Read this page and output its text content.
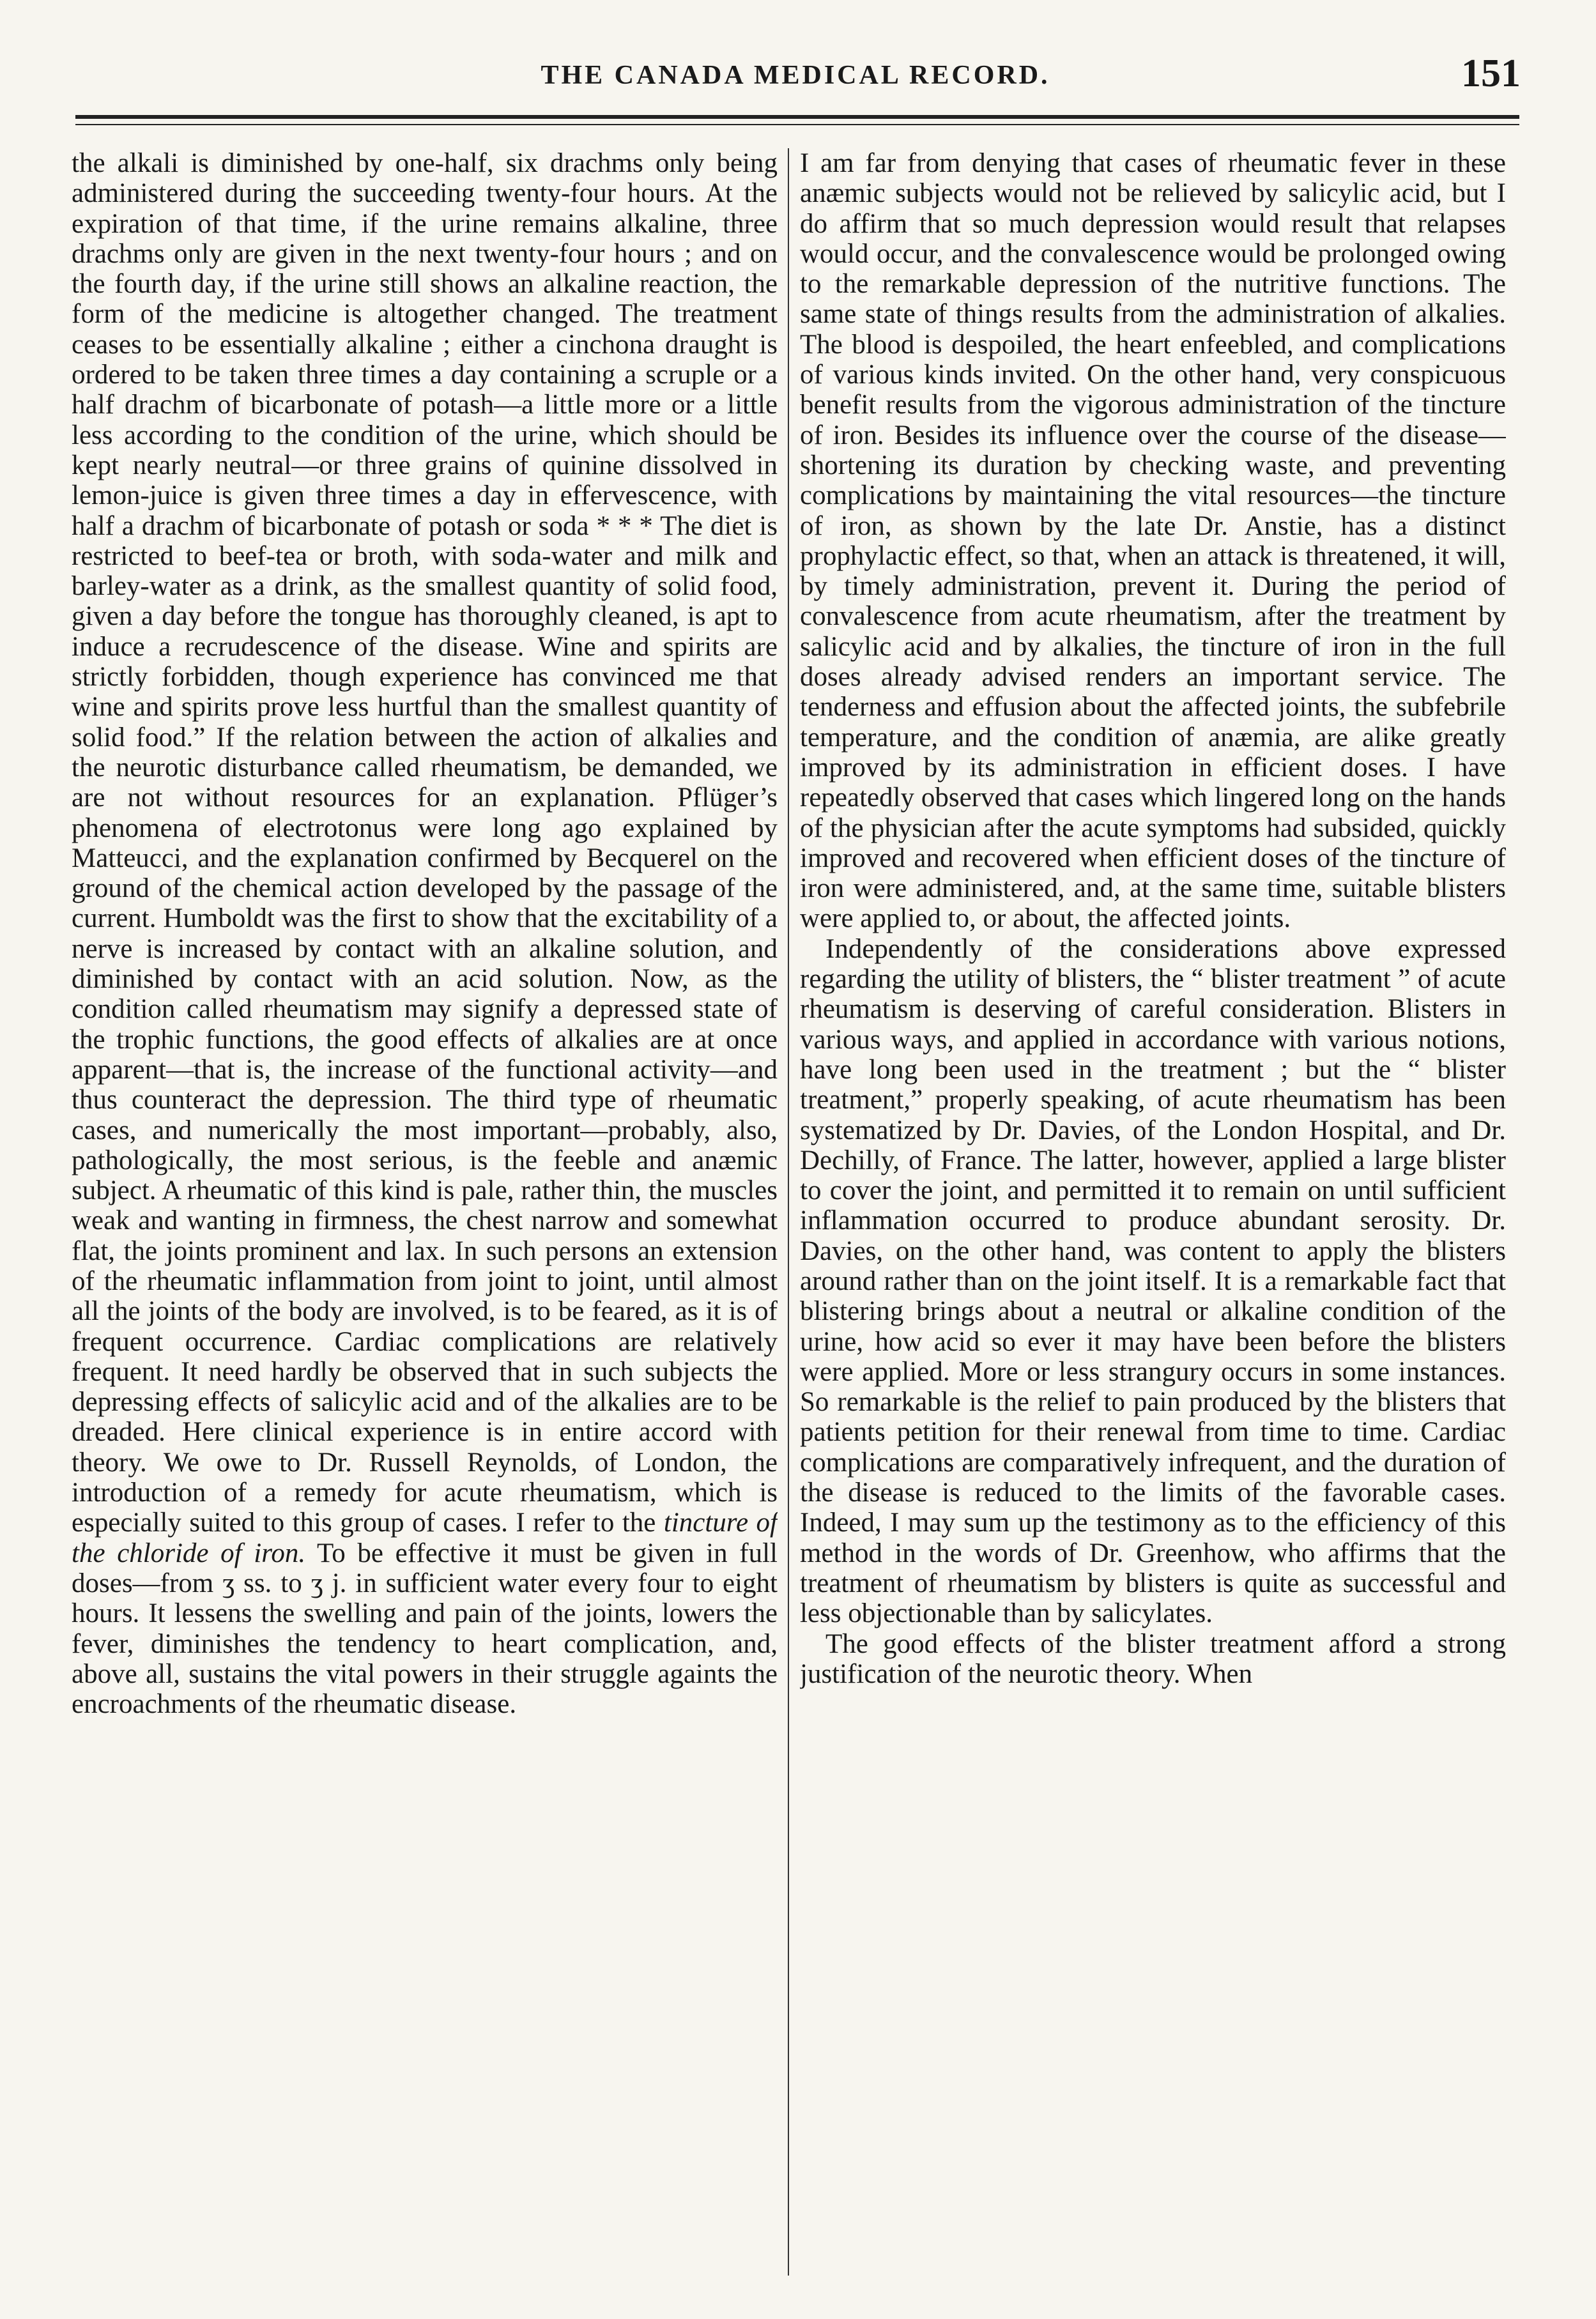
THE CANADA MEDICAL RECORD.	151

the alkali is diminished by one-half, six drachms only being administered during the succeeding twenty-four hours. At the expiration of that time, if the urine remains alkaline, three drachms only are given in the next twenty-four hours ; and on the fourth day, if the urine still shows an alkaline reaction, the form of the medicine is altogether changed. The treatment ceases to be essentially alkaline ; either a cinchona draught is ordered to be taken three times a day containing a scruple or a half drachm of bicarbonate of potash—a little more or a little less according to the condition of the urine, which should be kept nearly neutral—or three grains of quinine dissolved in lemon-juice is given three times a day in effervescence, with half a drachm of bicarbonate of potash or soda * * * The diet is restricted to beef-tea or broth, with soda-water and milk and barley-water as a drink, as the smallest quantity of solid food, given a day before the tongue has thoroughly cleaned, is apt to induce a recrudescence of the disease. Wine and spirits are strictly forbidden, though experience has convinced me that wine and spirits prove less hurtful than the smallest quantity of solid food.” If the relation between the action of alkalies and the neurotic disturbance called rheumatism, be demanded, we are not without resources for an explanation. Pflüger’s phenomena of electrotonus were long ago explained by Matteucci, and the explanation confirmed by Becquerel on the ground of the chemical action developed by the passage of the current. Humboldt was the first to show that the excitability of a nerve is increased by contact with an alkaline solution, and diminished by contact with an acid solution. Now, as the condition called rheumatism may signify a depressed state of the trophic functions, the good effects of alkalies are at once apparent—that is, the increase of the functional activity—and thus counteract the depression. The third type of rheumatic cases, and numerically the most important—probably, also, pathologically, the most serious, is the feeble and anæmic subject. A rheumatic of this kind is pale, rather thin, the muscles weak and wanting in firmness, the chest narrow and somewhat flat, the joints prominent and lax. In such persons an extension of the rheumatic inflammation from joint to joint, until almost all the joints of the body are involved, is to be feared, as it is of frequent occurrence. Cardiac complications are relatively frequent. It need hardly be observed that in such subjects the depressing effects of salicylic acid and of the alkalies are to be dreaded. Here clinical experience is in entire accord with theory. We owe to Dr. Russell Reynolds, of London, the introduction of a remedy for acute rheumatism, which is especially suited to this group of cases. I refer to the tincture of the chloride of iron. To be effective it must be given in full doses—from ʒ ss. to ʒ j. in sufficient water every four to eight hours. It lessens the swelling and pain of the joints, lowers the fever, diminishes the tendency to heart complication, and, above all, sustains the vital powers in their struggle againts the encroachments of the rheumatic disease.

I am far from denying that cases of rheumatic fever in these anæmic subjects would not be relieved by salicylic acid, but I do affirm that so much depression would result that relapses would occur, and the convalescence would be prolonged owing to the remarkable depression of the nutritive functions. The same state of things results from the administration of alkalies. The blood is despoiled, the heart enfeebled, and complications of various kinds invited. On the other hand, very conspicuous benefit results from the vigorous administration of the tincture of iron. Besides its influence over the course of the disease—shortening its duration by checking waste, and preventing complications by maintaining the vital resources—the tincture of iron, as shown by the late Dr. Anstie, has a distinct prophylactic effect, so that, when an attack is threatened, it will, by timely administration, prevent it. During the period of convalescence from acute rheumatism, after the treatment by salicylic acid and by alkalies, the tincture of iron in the full doses already advised renders an important service. The tenderness and effusion about the affected joints, the subfebrile temperature, and the condition of anæmia, are alike greatly improved by its administration in efficient doses. I have repeatedly observed that cases which lingered long on the hands of the physician after the acute symptoms had subsided, quickly improved and recovered when efficient doses of the tincture of iron were administered, and, at the same time, suitable blisters were applied to, or about, the affected joints.

Independently of the considerations above expressed regarding the utility of blisters, the “ blister treatment ” of acute rheumatism is deserving of careful consideration. Blisters in various ways, and applied in accordance with various notions, have long been used in the treatment ; but the “ blister treatment,” properly speaking, of acute rheumatism has been systematized by Dr. Davies, of the London Hospital, and Dr. Dechilly, of France. The latter, however, applied a large blister to cover the joint, and permitted it to remain on until sufficient inflammation occurred to produce abundant serosity. Dr. Davies, on the other hand, was content to apply the blisters around rather than on the joint itself. It is a remarkable fact that blistering brings about a neutral or alkaline condition of the urine, how acid so ever it may have been before the blisters were applied. More or less strangury occurs in some instances. So remarkable is the relief to pain produced by the blisters that patients petition for their renewal from time to time. Cardiac complications are comparatively infrequent, and the duration of the disease is reduced to the limits of the favorable cases. Indeed, I may sum up the testimony as to the efficiency of this method in the words of Dr. Greenhow, who affirms that the treatment of rheumatism by blisters is quite as successful and less objectionable than by salicylates.

The good effects of the blister treatment afford a strong justification of the neurotic theory. When
